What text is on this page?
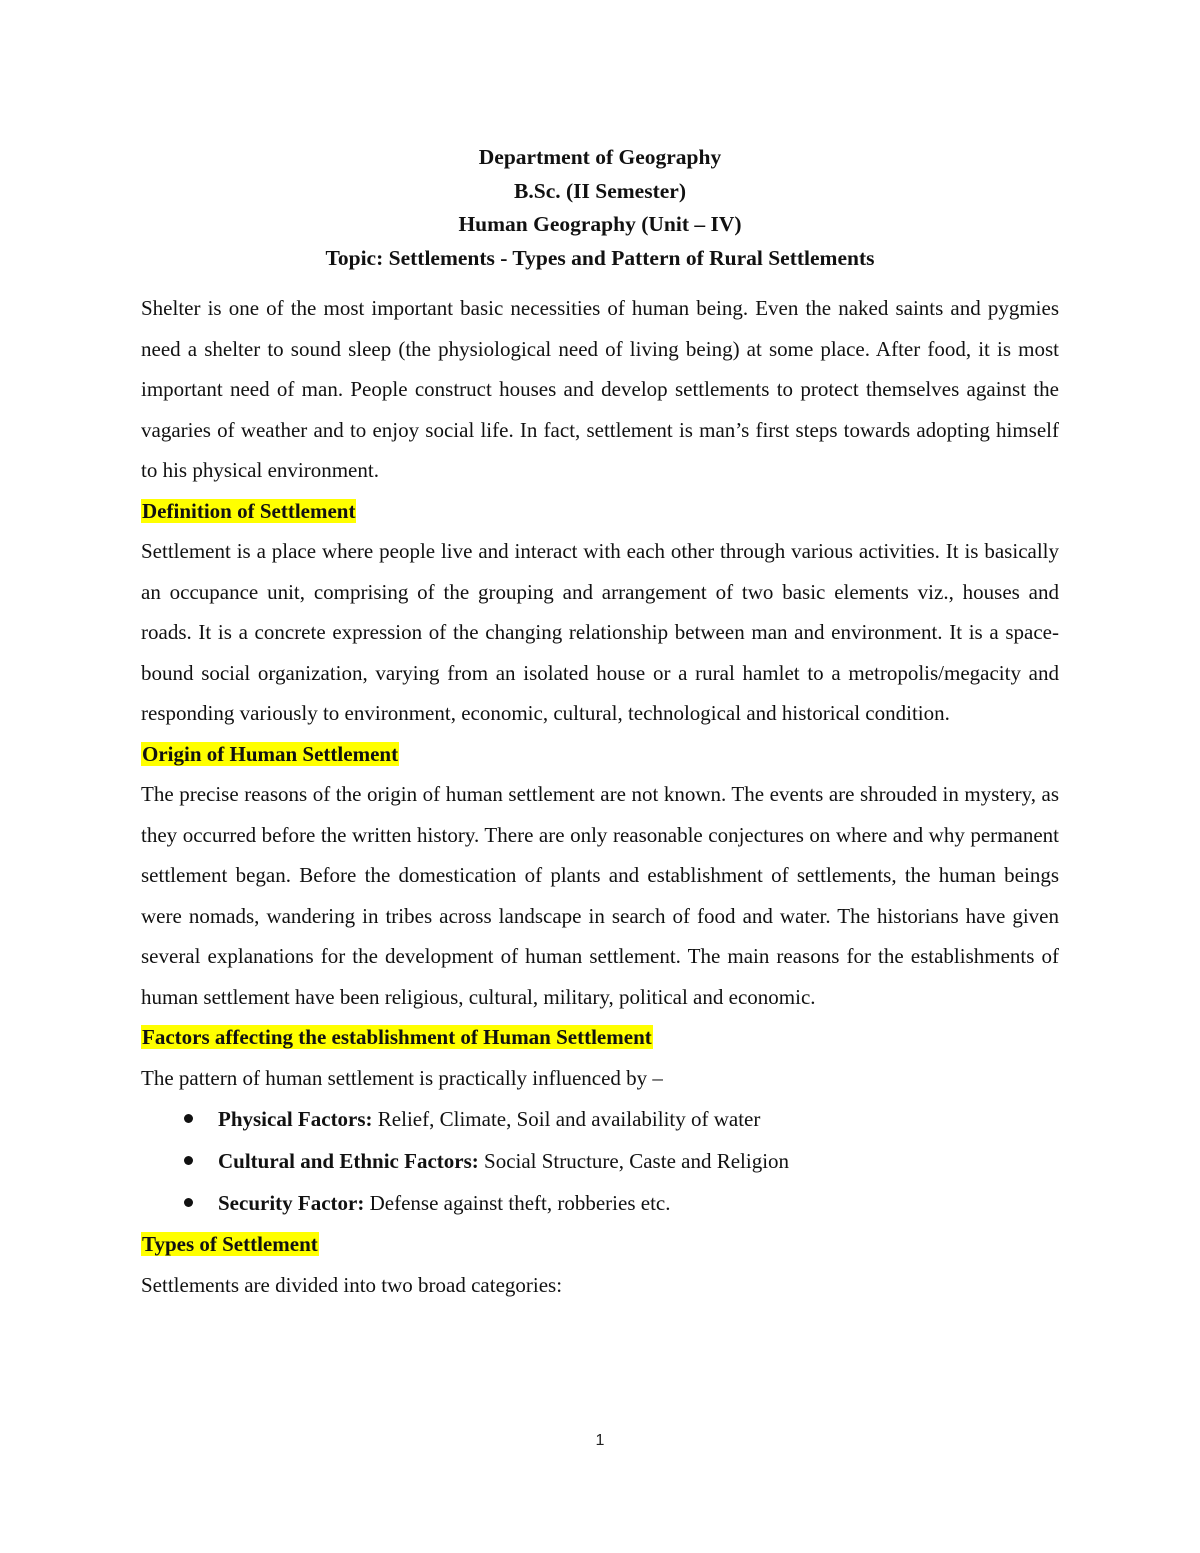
Department of Geography
B.Sc. (II Semester)
Human Geography (Unit – IV)
Topic: Settlements - Types and Pattern of Rural Settlements

Shelter is one of the most important basic necessities of human being. Even the naked saints and pygmies need a shelter to sound sleep (the physiological need of living being) at some place. After food, it is most important need of man. People construct houses and develop settlements to protect themselves against the vagaries of weather and to enjoy social life. In fact, settlement is man’s first steps towards adopting himself to his physical environment.

Definition of Settlement

Settlement is a place where people live and interact with each other through various activities. It is basically an occupance unit, comprising of the grouping and arrangement of two basic elements viz., houses and roads. It is a concrete expression of the changing relationship between man and environment. It is a space-bound social organization, varying from an isolated house or a rural hamlet to a metropolis/megacity and responding variously to environment, economic, cultural, technological and historical condition.

Origin of Human Settlement

The precise reasons of the origin of human settlement are not known. The events are shrouded in mystery, as they occurred before the written history. There are only reasonable conjectures on where and why permanent settlement began. Before the domestication of plants and establishment of settlements, the human beings were nomads, wandering in tribes across landscape in search of food and water. The historians have given several explanations for the development of human settlement. The main reasons for the establishments of human settlement have been religious, cultural, military, political and economic.

Factors affecting the establishment of Human Settlement

The pattern of human settlement is practically influenced by –

Physical Factors: Relief, Climate, Soil and availability of water
Cultural and Ethnic Factors: Social Structure, Caste and Religion
Security Factor: Defense against theft, robberies etc.

Types of Settlement

Settlements are divided into two broad categories:

1
